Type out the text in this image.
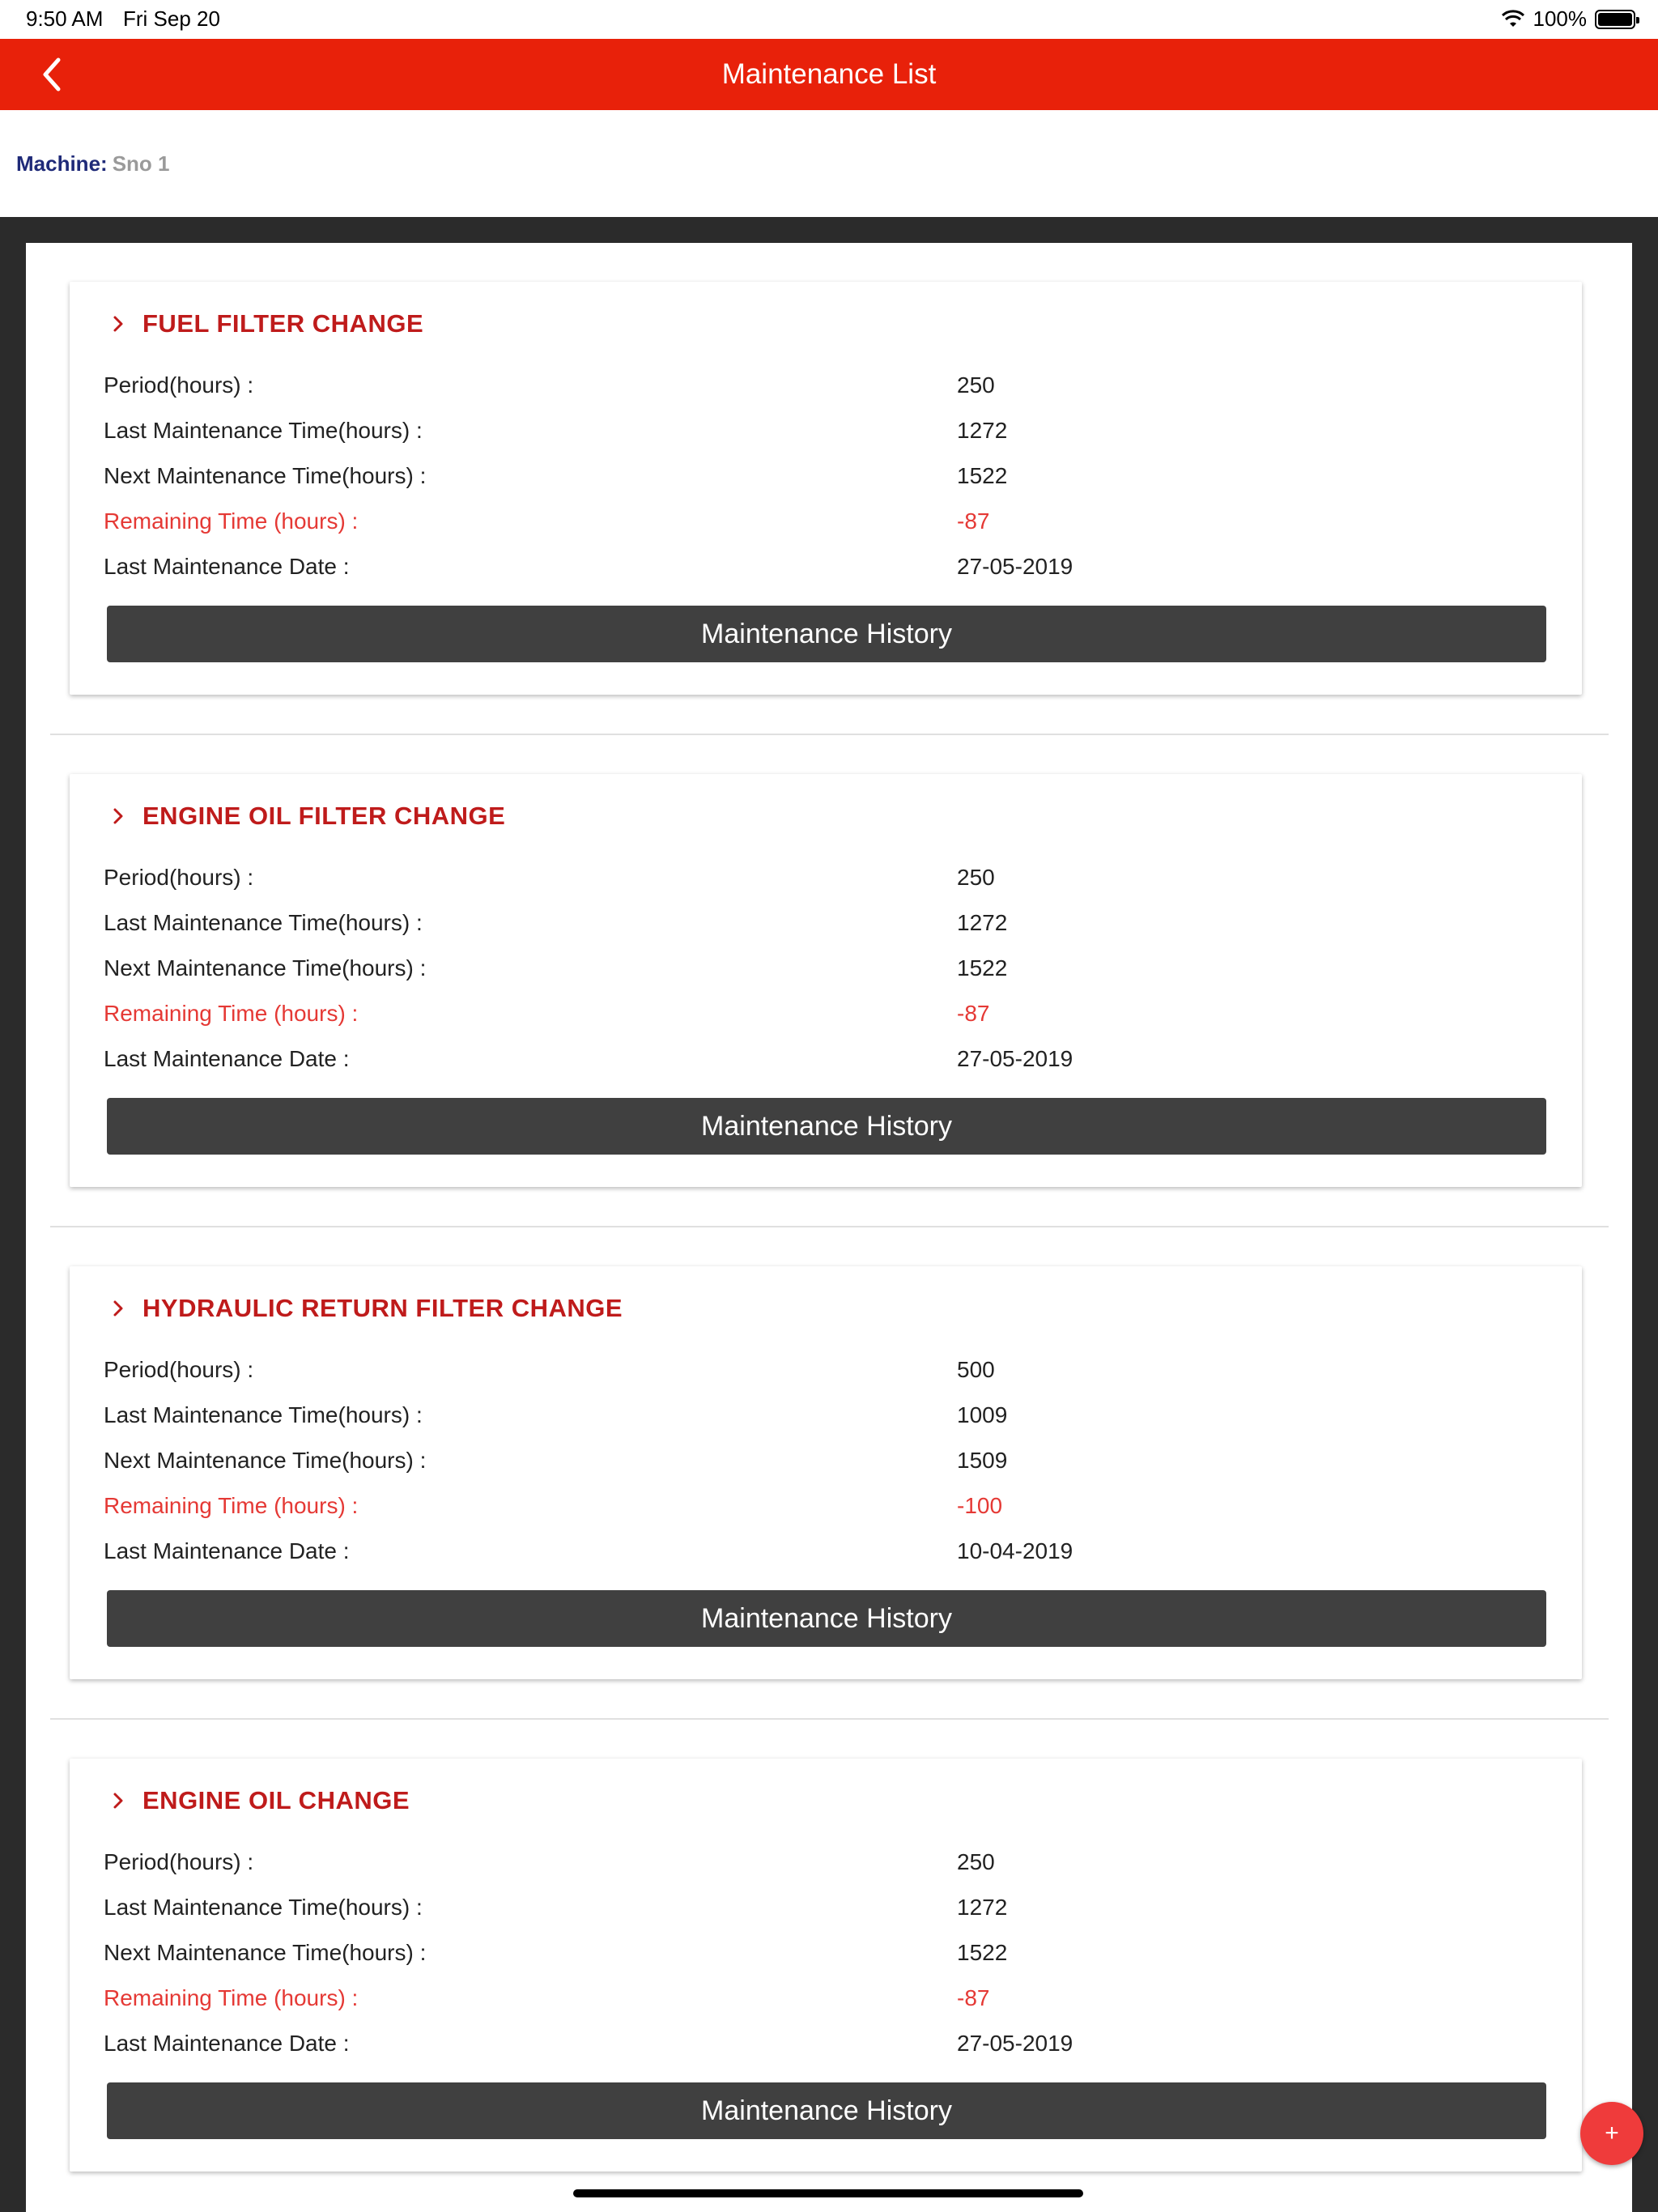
9:50 AM Fri Sep 20	100%
Maintenance List
Machine: Sno 1
FUEL FILTER CHANGE
Period(hours) :	250
Last Maintenance Time(hours) :	1272
Next Maintenance Time(hours) :	1522
Remaining Time (hours) :	-87
Last Maintenance Date :	27-05-2019
Maintenance History
ENGINE OIL FILTER CHANGE
Period(hours) :	250
Last Maintenance Time(hours) :	1272
Next Maintenance Time(hours) :	1522
Remaining Time (hours) :	-87
Last Maintenance Date :	27-05-2019
Maintenance History
HYDRAULIC RETURN FILTER CHANGE
Period(hours) :	500
Last Maintenance Time(hours) :	1009
Next Maintenance Time(hours) :	1509
Remaining Time (hours) :	-100
Last Maintenance Date :	10-04-2019
Maintenance History
ENGINE OIL CHANGE
Period(hours) :	250
Last Maintenance Time(hours) :	1272
Next Maintenance Time(hours) :	1522
Remaining Time (hours) :	-87
Last Maintenance Date :	27-05-2019
Maintenance History
+
